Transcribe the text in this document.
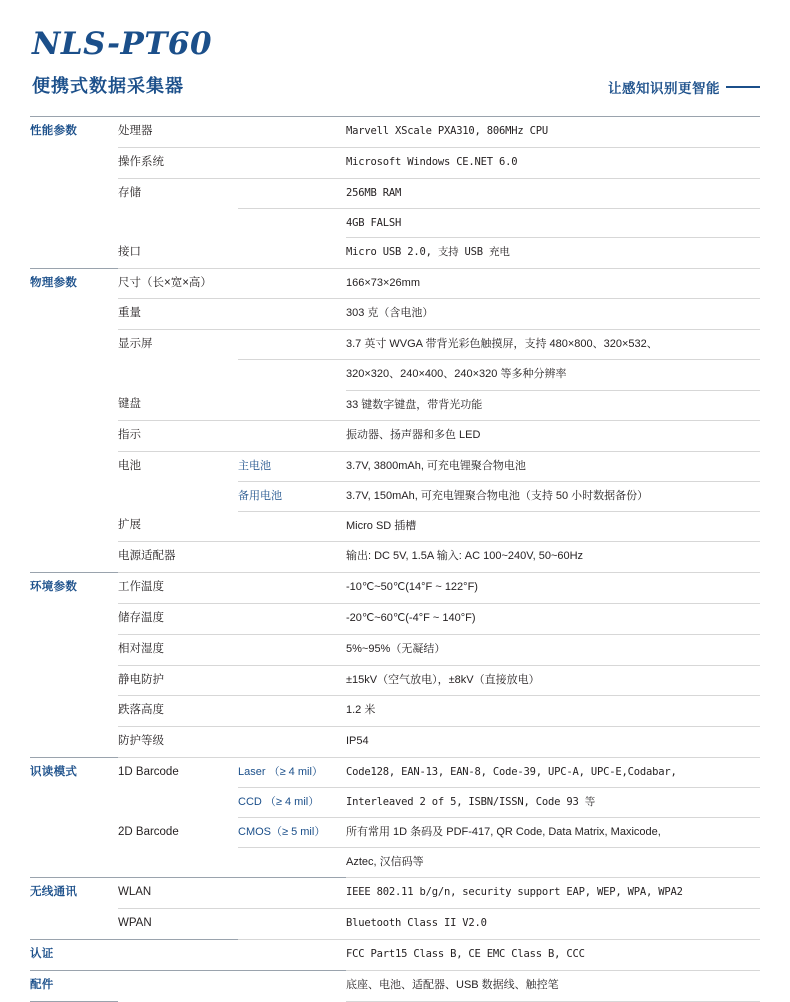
NLS-PT60
便携式数据采集器	让感知识别更智能
性能参数	处理器		Marvell XScale PXA310, 806MHz CPU
	操作系统		Microsoft Windows CE.NET 6.0
	存储		256MB RAM
			4GB FALSH
	接口		Micro USB 2.0, 支持 USB 充电
物理参数	尺寸（长×宽×高）		166×73×26mm
	重量		303 克（含电池）
	显示屏		3.7 英寸 WVGA 带背光彩色触摸屏，支持 480×800、320×532、
			320×320、240×400、240×320 等多种分辨率
	键盘		33 键数字键盘，带背光功能
	指示		振动器、扬声器和多色 LED
	电池	主电池	3.7V, 3800mAh, 可充电锂聚合物电池
		备用电池	3.7V, 150mAh, 可充电锂聚合物电池（支持 50 小时数据备份）
	扩展		Micro SD 插槽
	电源适配器		输出: DC 5V, 1.5A 输入: AC 100~240V, 50~60Hz
环境参数	工作温度		-10℃~50℃(14°F ~ 122°F)
	储存温度		-20℃~60℃(-4°F ~ 140°F)
	相对湿度		5%~95%（无凝结）
	静电防护		±15kV（空气放电），±8kV（直接放电）
	跌落高度		1.2 米
	防护等级		IP54
识读模式	1D Barcode	Laser （≥ 4 mil）	Code128, EAN-13, EAN-8, Code-39, UPC-A, UPC-E,Codabar,
		CCD （≥ 4 mil）	Interleaved 2 of 5, ISBN/ISSN, Code 93 等
	2D Barcode	CMOS（≥ 5 mil）	所有常用 1D 条码及 PDF-417, QR Code, Data Matrix, Maxicode,
			Aztec, 汉信码等
无线通讯	WLAN		IEEE 802.11 b/g/n, security support EAP, WEP, WPA, WPA2
	WPAN		Bluetooth Class II V2.0
认证			FCC Part15 Class B, CE EMC Class B, CCC
配件			底座、电池、适配器、USB 数据线、触控笔
